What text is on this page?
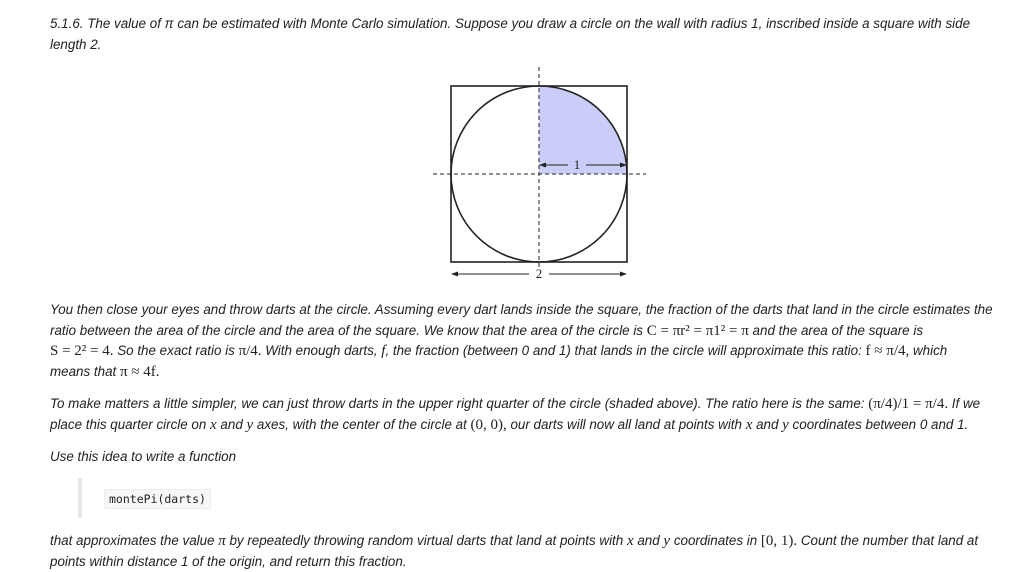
5.1.6. The value of π can be estimated with Monte Carlo simulation. Suppose you draw a circle on the wall with radius 1, inscribed inside a square with side
length 2.

1
2

You then close your eyes and throw darts at the circle. Assuming every dart lands inside the square, the fraction of the darts that land in the circle estimates the
ratio between the area of the circle and the area of the square. We know that the area of the circle is C = πr² = π1² = π and the area of the square is
S = 2² = 4. So the exact ratio is π/4. With enough darts, f, the fraction (between 0 and 1) that lands in the circle will approximate this ratio: f ≈ π/4, which
means that π ≈ 4f.

To make matters a little simpler, we can just throw darts in the upper right quarter of the circle (shaded above). The ratio here is the same: (π/4)/1 = π/4. If we
place this quarter circle on x and y axes, with the center of the circle at (0, 0), our darts will now all land at points with x and y coordinates between 0 and 1.

Use this idea to write a function

montePi(darts)

that approximates the value π by repeatedly throwing random virtual darts that land at points with x and y coordinates in [0, 1). Count the number that land at
points within distance 1 of the origin, and return this fraction.
